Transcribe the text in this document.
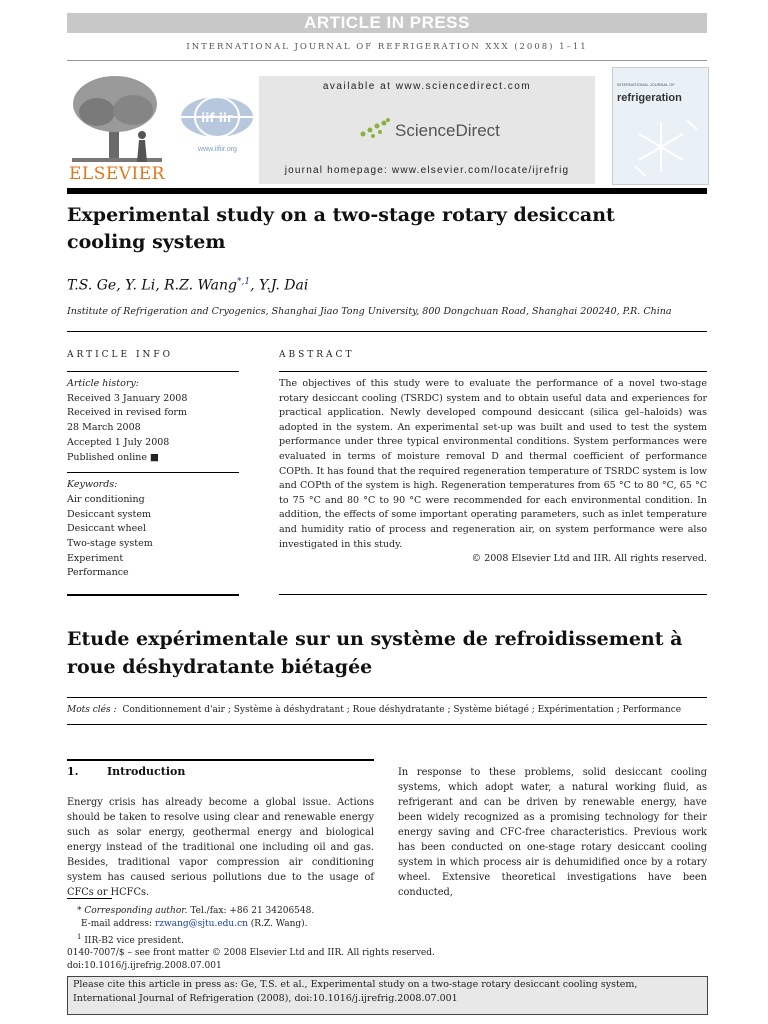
ARTICLE IN PRESS
INTERNATIONAL JOURNAL OF REFRIGERATION XXX (2008) 1–11
ELSEVIER
iif iir
www.iifiir.org
available at www.sciencedirect.com
ScienceDirect
journal homepage: www.elsevier.com/locate/ijrefrig
INTERNATIONAL JOURNAL OF
refrigeration
Experimental study on a two-stage rotary desiccant cooling system
T.S. Ge, Y. Li, R.Z. Wang$^{*,1}$, Y.J. Dai
Institute of Refrigeration and Cryogenics, Shanghai Jiao Tong University, 800 Dongchuan Road, Shanghai 200240, P.R. China
ARTICLE INFO	ABSTRACT
Article history:
Received 3 January 2008
Received in revised form
28 March 2008
Accepted 1 July 2008
Published online ■
Keywords:
Air conditioning
Desiccant system
Desiccant wheel
Two-stage system
Experiment
Performance
The objectives of this study were to evaluate the performance of a novel two-stage rotary desiccant cooling (TSRDC) system and to obtain useful data and experiences for practical application. Newly developed compound desiccant (silica gel–haloids) was adopted in the system. An experimental set-up was built and used to test the system performance under three typical environmental conditions. System performances were evaluated in terms of moisture removal D and thermal coefficient of performance COPth. It has found that the required regeneration temperature of TSRDC system is low and COPth of the system is high. Regeneration temperatures from 65 °C to 80 °C, 65 °C to 75 °C and 80 °C to 90 °C were recommended for each environmental condition. In addition, the effects of some important operating parameters, such as inlet temperature and humidity ratio of process and regeneration air, on system performance were also investigated in this study.
© 2008 Elsevier Ltd and IIR. All rights reserved.
Etude expérimentale sur un système de refroidissement à roue déshydratante biétagée
Mots clés : Conditionnement d'air ; Système à déshydratant ; Roue déshydratante ; Système biétagé ; Expérimentation ; Performance
1.	Introduction
Energy crisis has already become a global issue. Actions should be taken to resolve using clear and renewable energy such as solar energy, geothermal energy and biological energy instead of the traditional one including oil and gas. Besides, traditional vapor compression air conditioning system has caused serious pollutions due to the usage of CFCs or HCFCs.
In response to these problems, solid desiccant cooling systems, which adopt water, a natural working fluid, as refrigerant and can be driven by renewable energy, have been widely recognized as a promising technology for their energy saving and CFC-free characteristics. Previous work has been conducted on one-stage rotary desiccant cooling system in which process air is dehumidified once by a rotary wheel. Extensive theoretical investigations have been conducted,
* Corresponding author. Tel./fax: +86 21 34206548.
E-mail address: rzwang@sjtu.edu.cn (R.Z. Wang).
$^1$ IIR-B2 vice president.
0140-7007/$ – see front matter © 2008 Elsevier Ltd and IIR. All rights reserved.
doi:10.1016/j.ijrefrig.2008.07.001
Please cite this article in press as: Ge, T.S. et al., Experimental study on a two-stage rotary desiccant cooling system, International Journal of Refrigeration (2008), doi:10.1016/j.ijrefrig.2008.07.001
